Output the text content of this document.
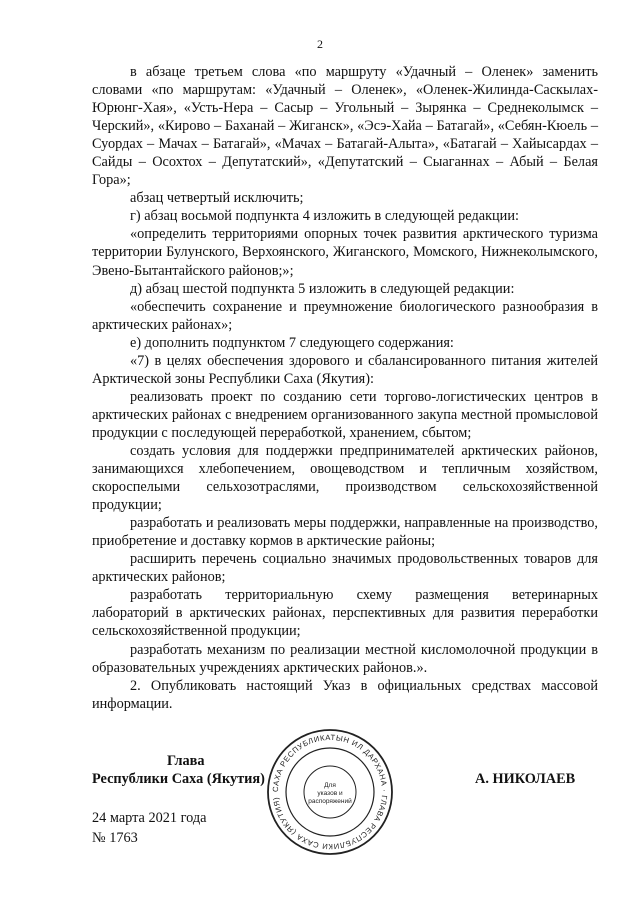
2

в абзаце третьем слова «по маршруту «Удачный – Оленек» заменить словами «по маршрутам: «Удачный – Оленек», «Оленек-Жилинда-Саскылах-Юрюнг-Хая», «Усть-Нера – Сасыр – Угольный – Зырянка – Среднеколымск – Черский», «Кирово – Баханай – Жиганск», «Эсэ-Хайа – Батагай», «Себян-Кюель – Суордах – Мачах – Батагай», «Мачах – Батагай-Алыта», «Батагай – Хайысардах – Сайды – Осохтох – Депутатский», «Депутатский – Сыаганнах – Абый – Белая Гора»;

абзац четвертый исключить;

г) абзац восьмой подпункта 4 изложить в следующей редакции:

«определить территориями опорных точек развития арктического туризма территории Булунского, Верхоянского, Жиганского, Момского, Нижнеколымского, Эвено-Бытантайского районов;»;

д) абзац шестой подпункта 5 изложить в следующей редакции:

«обеспечить сохранение и преумножение биологического разнообразия в арктических районах»;

е) дополнить подпунктом 7 следующего содержания:

«7) в целях обеспечения здорового и сбалансированного питания жителей Арктической зоны Республики Саха (Якутия):

реализовать проект по созданию сети торгово-логистических центров в арктических районах с внедрением организованного закупа местной промысловой продукции с последующей переработкой, хранением, сбытом;

создать условия для поддержки предпринимателей арктических районов, занимающихся хлебопечением, овощеводством и тепличным хозяйством, скороспелыми сельхозотраслями, производством сельскохозяйственной продукции;

разработать и реализовать меры поддержки, направленные на производство, приобретение и доставку кормов в арктические районы;

расширить перечень социально значимых продовольственных товаров для арктических районов;

разработать территориальную схему размещения ветеринарных лабораторий в арктических районах, перспективных для развития переработки сельскохозяйственной продукции;

разработать механизм по реализации местной кисломолочной продукции в образовательных учреждениях арктических районов.».

2. Опубликовать настоящий Указ в официальных средствах массовой информации.

Глава
Республики Саха (Якутия)	А. НИКОЛАЕВ
САХА РЕСПУБЛИКАТЫН ИЛ ДАРХАНА · ГЛАВА РЕСПУБЛИКИ САХА (ЯКУТИЯ)
Для
указов и
распоряжений
24 марта 2021 года
№ 1763
